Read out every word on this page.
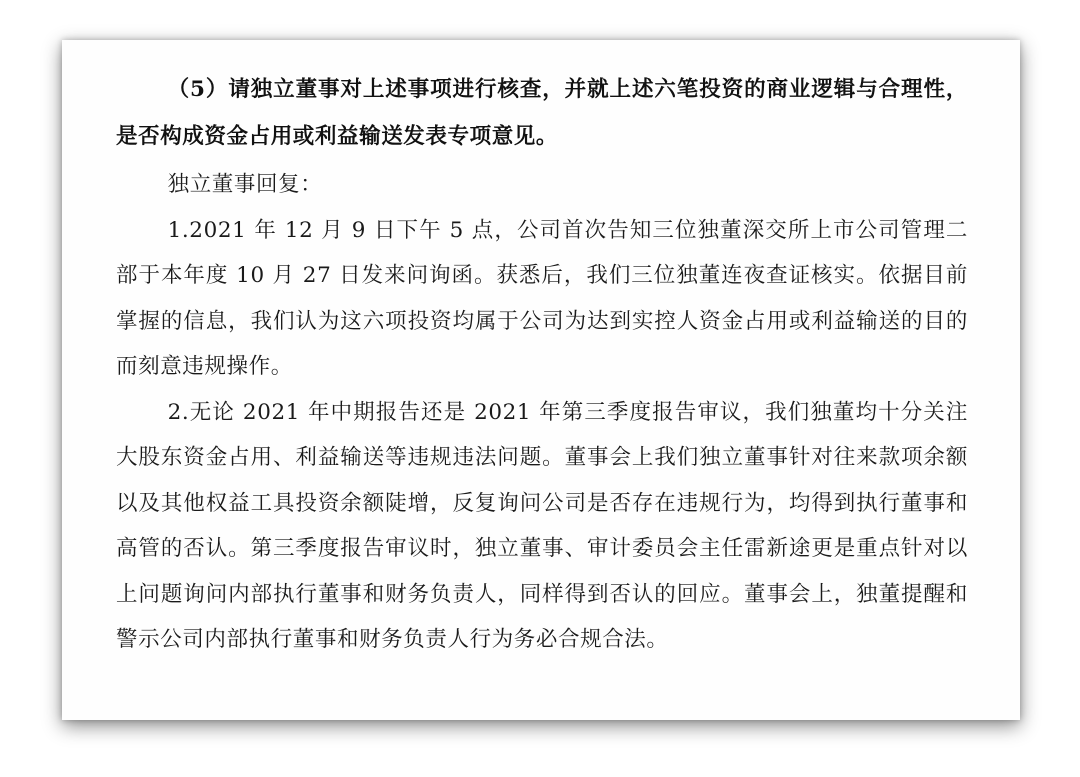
（5）请独立董事对上述事项进行核查，并就上述六笔投资的商业逻辑与合理性，是否构成资金占用或利益输送发表专项意见。

独立董事回复：

1.2021 年 12 月 9 日下午 5 点，公司首次告知三位独董深交所上市公司管理二部于本年度 10 月 27 日发来问询函。获悉后，我们三位独董连夜查证核实。依据目前掌握的信息，我们认为这六项投资均属于公司为达到实控人资金占用或利益输送的目的而刻意违规操作。

2.无论 2021 年中期报告还是 2021 年第三季度报告审议，我们独董均十分关注大股东资金占用、利益输送等违规违法问题。董事会上我们独立董事针对往来款项余额以及其他权益工具投资余额陡增，反复询问公司是否存在违规行为，均得到执行董事和高管的否认。第三季度报告审议时，独立董事、审计委员会主任雷新途更是重点针对以上问题询问内部执行董事和财务负责人，同样得到否认的回应。董事会上，独董提醒和警示公司内部执行董事和财务负责人行为务必合规合法。
